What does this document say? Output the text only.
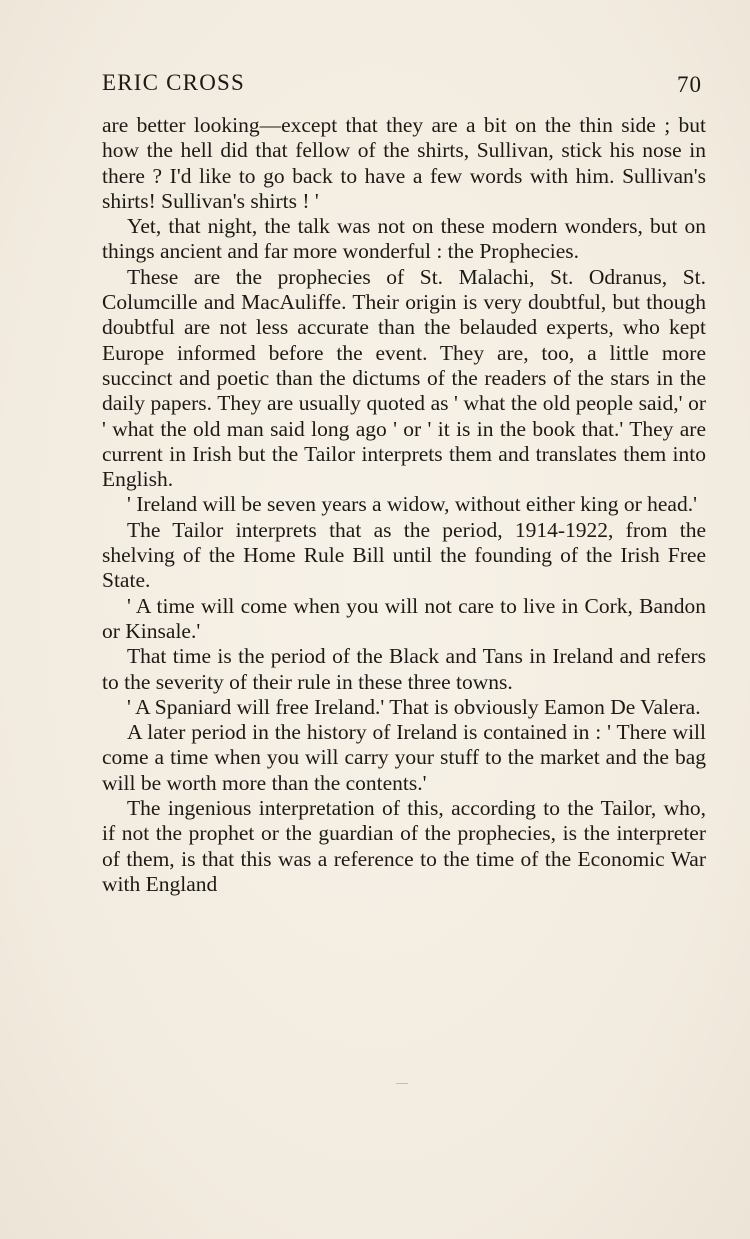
ERIC CROSS	70

are better looking—except that they are a bit on the thin side ; but how the hell did that fellow of the shirts, Sullivan, stick his nose in there ? I'd like to go back to have a few words with him. Sullivan's shirts! Sullivan's shirts ! '

Yet, that night, the talk was not on these modern wonders, but on things ancient and far more wonderful : the Prophecies.

These are the prophecies of St. Malachi, St. Odranus, St. Columcille and MacAuliffe. Their origin is very doubtful, but though doubtful are not less accurate than the belauded experts, who kept Europe informed before the event. They are, too, a little more succinct and poetic than the dictums of the readers of the stars in the daily papers. They are usually quoted as ' what the old people said,' or ' what the old man said long ago ' or ' it is in the book that.' They are current in Irish but the Tailor interprets them and translates them into English.

' Ireland will be seven years a widow, without either king or head.'

The Tailor interprets that as the period, 1914-1922, from the shelving of the Home Rule Bill until the founding of the Irish Free State.

' A time will come when you will not care to live in Cork, Bandon or Kinsale.'

That time is the period of the Black and Tans in Ireland and refers to the severity of their rule in these three towns.

' A Spaniard will free Ireland.' That is obviously Eamon De Valera.

A later period in the history of Ireland is contained in : ' There will come a time when you will carry your stuff to the market and the bag will be worth more than the contents.'

The ingenious interpretation of this, according to the Tailor, who, if not the prophet or the guardian of the prophecies, is the interpreter of them, is that this was a reference to the time of the Economic War with England
